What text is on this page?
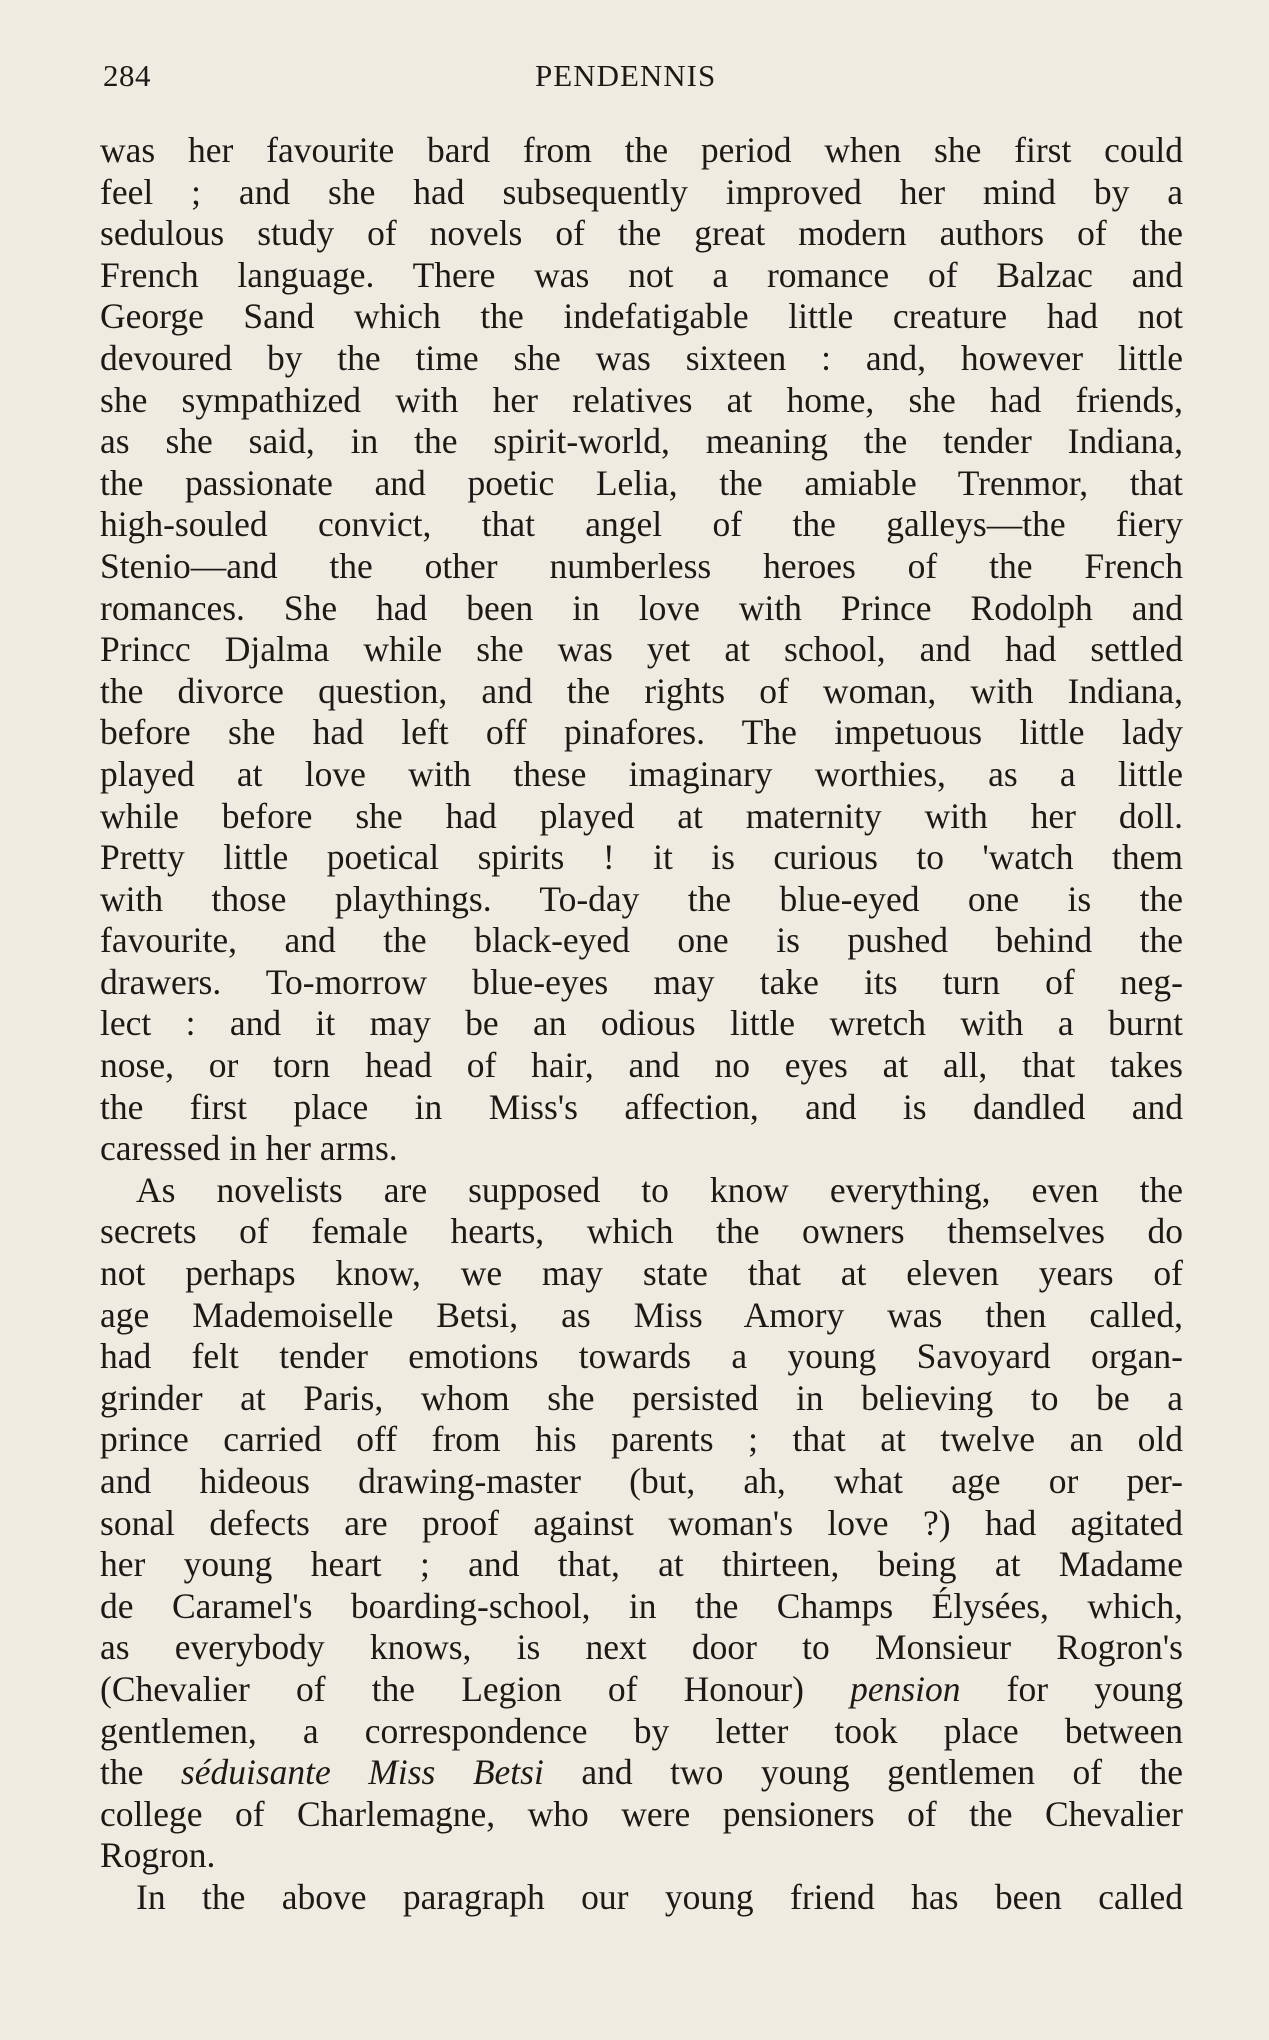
284	PENDENNIS

was her favourite bard from the period when she first could
feel ; and she had subsequently improved her mind by a
sedulous study of novels of the great modern authors of the
French language. There was not a romance of Balzac and
George Sand which the indefatigable little creature had not
devoured by the time she was sixteen : and, however little
she sympathized with her relatives at home, she had friends,
as she said, in the spirit-world, meaning the tender Indiana,
the passionate and poetic Lelia, the amiable Trenmor, that
high-souled convict, that angel of the galleys—the fiery
Stenio—and the other numberless heroes of the French
romances. She had been in love with Prince Rodolph and
Princc Djalma while she was yet at school, and had settled
the divorce question, and the rights of woman, with Indiana,
before she had left off pinafores. The impetuous little lady
played at love with these imaginary worthies, as a little
while before she had played at maternity with her doll.
Pretty little poetical spirits ! it is curious to 'watch them
with those playthings. To-day the blue-eyed one is the
favourite, and the black-eyed one is pushed behind the
drawers. To-morrow blue-eyes may take its turn of neg-
lect : and it may be an odious little wretch with a burnt
nose, or torn head of hair, and no eyes at all, that takes
the first place in Miss's affection, and is dandled and
caressed in her arms.

As novelists are supposed to know everything, even the
secrets of female hearts, which the owners themselves do
not perhaps know, we may state that at eleven years of
age Mademoiselle Betsi, as Miss Amory was then called,
had felt tender emotions towards a young Savoyard organ-
grinder at Paris, whom she persisted in believing to be a
prince carried off from his parents ; that at twelve an old
and hideous drawing-master (but, ah, what age or per-
sonal defects are proof against woman's love ?) had agitated
her young heart ; and that, at thirteen, being at Madame
de Caramel's boarding-school, in the Champs Élysées, which,
as everybody knows, is next door to Monsieur Rogron's
(Chevalier of the Legion of Honour) pension for young
gentlemen, a correspondence by letter took place between
the séduisante Miss Betsi and two young gentlemen of the
college of Charlemagne, who were pensioners of the Chevalier
Rogron.

In the above paragraph our young friend has been called
